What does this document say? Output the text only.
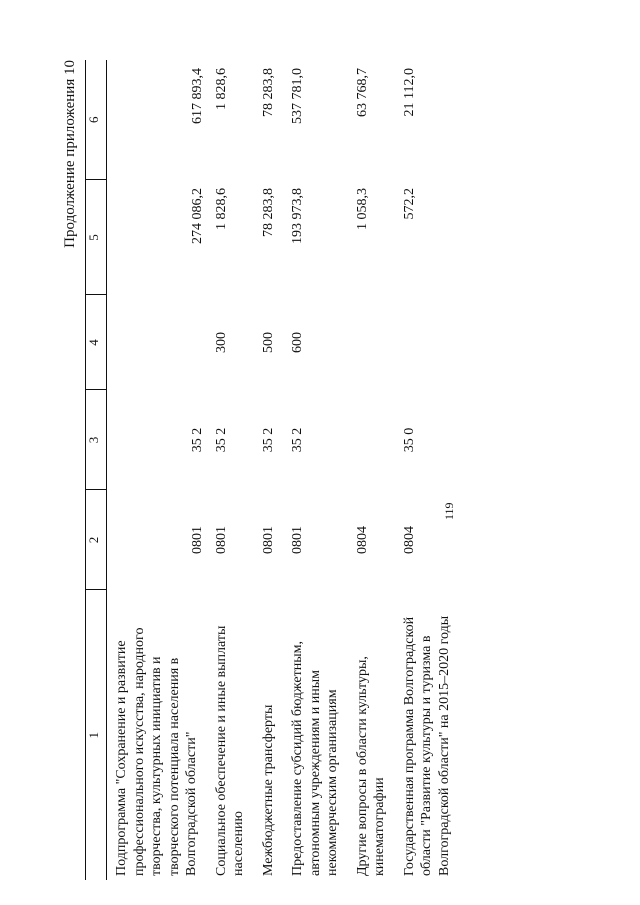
Продолжение приложения 10
119
1	2	3	4	5	6
Подпрограмма "Сохранение и развитие профессионального искусства, народного творчества, культурных инициатив и творческого потенциала населения в Волгоградской области"	0801	35 2		274 086,2	617 893,4
Социальное обеспечение и иные выплаты населению	0801	35 2	300	1 828,6	1 828,6
Межбюджетные трансферты	0801	35 2	500	78 283,8	78 283,8
Предоставление субсидий бюджетным, автономным учреждениям и иным некоммерческим организациям	0801	35 2	600	193 973,8	537 781,0
Другие вопросы в области культуры, кинематографии	0804			1 058,3	63 768,7
Государственная программа Волгоградской области "Развитие культуры и туризма в Волгоградской области" на 2015–2020 годы	0804	35 0		572,2	21 112,0
